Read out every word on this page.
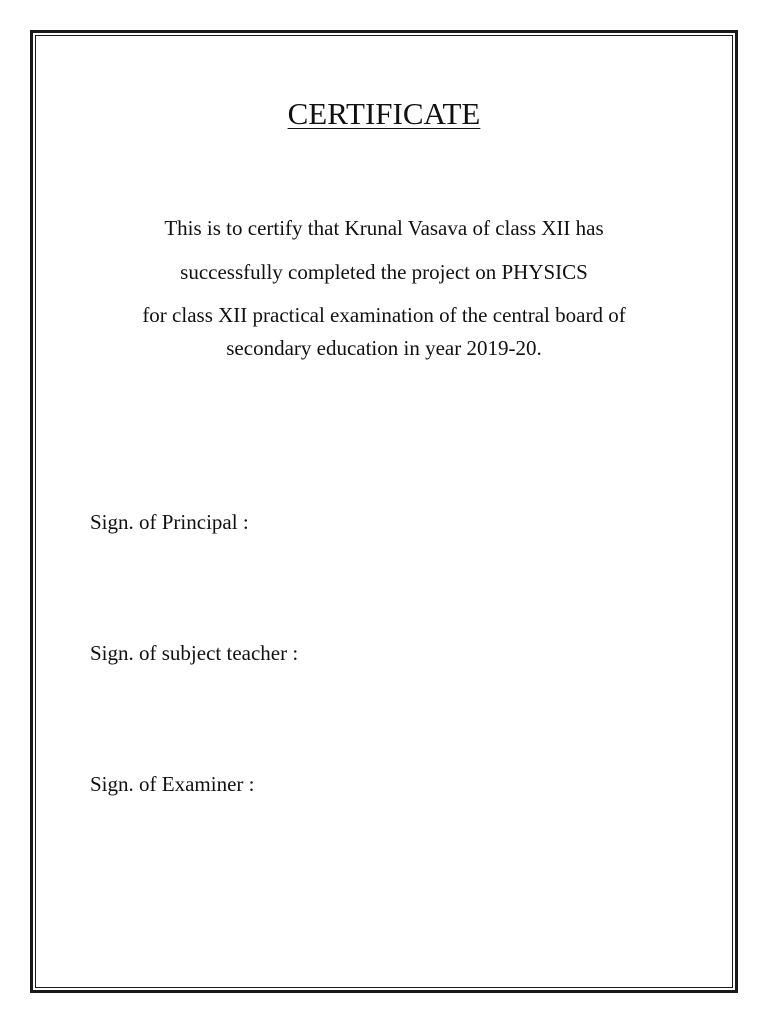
CERTIFICATE
This is to certify that Krunal Vasava of class XII has
successfully completed the project on PHYSICS
for class XII practical examination of the central board of
secondary education in year 2019-20.
Sign. of Principal :
Sign. of subject teacher :
Sign. of Examiner :
